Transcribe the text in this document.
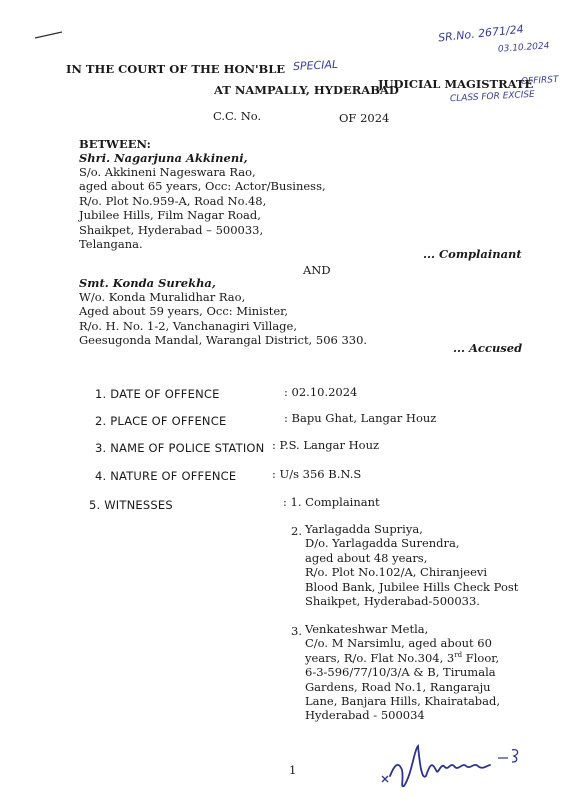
SR.No. 2671/24
03.10.2024
SPECIAL
OFFIRST
CLASS FOR EXCISE
IN THE COURT OF THE HON'BLE
JUDICIAL MAGISTRATE
AT NAMPALLY, HYDERABAD
C.C. No.	OF 2024
BETWEEN:
Shri. Nagarjuna Akkineni,
S/o. Akkineni Nageswara Rao,
aged about 65 years, Occ: Actor/Business,
R/o. Plot No.959-A, Road No.48,
Jubilee Hills, Film Nagar Road,
Shaikpet, Hyderabad – 500033,
Telangana.
... Complainant
AND
Smt. Konda Surekha,
W/o. Konda Muralidhar Rao,
Aged about 59 years, Occ: Minister,
R/o. H. No. 1-2, Vanchanagiri Village,
Geesugonda Mandal, Warangal District, 506 330.
... Accused
1. DATE OF OFFENCE	: 02.10.2024
2. PLACE OF OFFENCE	: Bapu Ghat, Langar Houz
3. NAME OF POLICE STATION : P.S. Langar Houz
4. NATURE OF OFFENCE	: U/s 356 B.N.S
5. WITNESSES	: 1. Complainant
2. Yarlagadda Supriya,
D/o. Yarlagadda Surendra,
aged about 48 years,
R/o. Plot No.102/A, Chiranjeevi
Blood Bank, Jubilee Hills Check Post
Shaikpet, Hyderabad-500033.
3. Venkateshwar Metla,
C/o. M Narsimlu, aged about 60
years, R/o. Flat No.304, 3rd Floor,
6-3-596/77/10/3/A & B, Tirumala
Gardens, Road No.1, Rangaraju
Lane, Banjara Hills, Khairatabad,
Hyderabad - 500034
1
